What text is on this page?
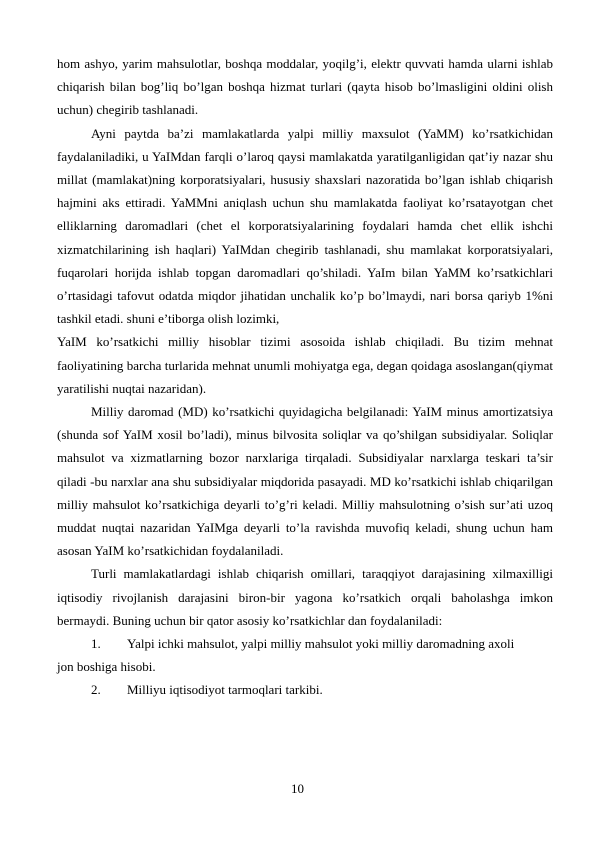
hom ashyo, yarim mahsulotlar, boshqa moddalar, yoqilg’i, elektr quvvati hamda ularni ishlab chiqarish bilan bog’liq bo’lgan boshqa hizmat turlari (qayta hisob bo’lmasligini oldini olish uchun) chegirib tashlanadi.

Ayni paytda ba’zi mamlakatlarda yalpi milliy maxsulot (YaMM) ko’rsatkichidan faydalaniladiki, u YaIMdan farqli o’laroq qaysi mamlakatda yaratilganligidan qat’iy nazar shu millat (mamlakat)ning korporatsiyalari, hususiy shaxslari nazoratida bo’lgan ishlab chiqarish hajmini aks ettiradi. YaMMni aniqlash uchun shu mamlakatda faoliyat ko’rsatayotgan chet elliklarning daromadlari (chet el korporatsiyalarining foydalari hamda chet ellik ishchi xizmatchilarining ish haqlari) YaIMdan chegirib tashlanadi, shu mamlakat korporatsiyalari, fuqarolari horijda ishlab topgan daromadlari qo’shiladi. YaIm bilan YaMM ko’rsatkichlari o’rtasidagi tafovut odatda miqdor jihatidan unchalik ko’p bo’lmaydi, nari borsa qariyb 1%ni tashkil etadi. shuni e’tiborga olish lozimki,

YaIM ko’rsatkichi milliy hisoblar tizimi asosoida ishlab chiqiladi. Bu tizim mehnat faoliyatining barcha turlarida mehnat unumli mohiyatga ega, degan qoidaga asoslangan(qiymat yaratilishi nuqtai nazaridan).

Milliy daromad (MD) ko’rsatkichi quyidagicha belgilanadi: YaIM minus amortizatsiya (shunda sof YaIM xosil bo’ladi), minus bilvosita soliqlar va qo’shilgan subsidiyalar. Soliqlar mahsulot va xizmatlarning bozor narxlariga tirqaladi. Subsidiyalar narxlarga teskari ta’sir qiladi -bu narxlar ana shu subsidiyalar miqdorida pasayadi. MD ko’rsatkichi ishlab chiqarilgan milliy mahsulot ko’rsatkichiga deyarli to’g’ri keladi. Milliy mahsulotning o’sish sur’ati uzoq muddat nuqtai nazaridan YaIMga deyarli to’la ravishda muvofiq keladi, shung uchun ham asosan YaIM ko’rsatkichidan foydalaniladi.

Turli mamlakatlardagi ishlab chiqarish omillari, taraqqiyot darajasining xilmaxilligi iqtisodiy rivojlanish darajasini biron-bir yagona ko’rsatkich orqali baholashga imkon bermaydi. Buning uchun bir qator asosiy ko’rsatkichlar dan foydalaniladi:

1.	Yalpi ichki mahsulot, yalpi milliy mahsulot yoki milliy daromadning axoli

jon boshiga hisobi.

2.	Milliyu iqtisodiyot tarmoqlari tarkibi.
10
